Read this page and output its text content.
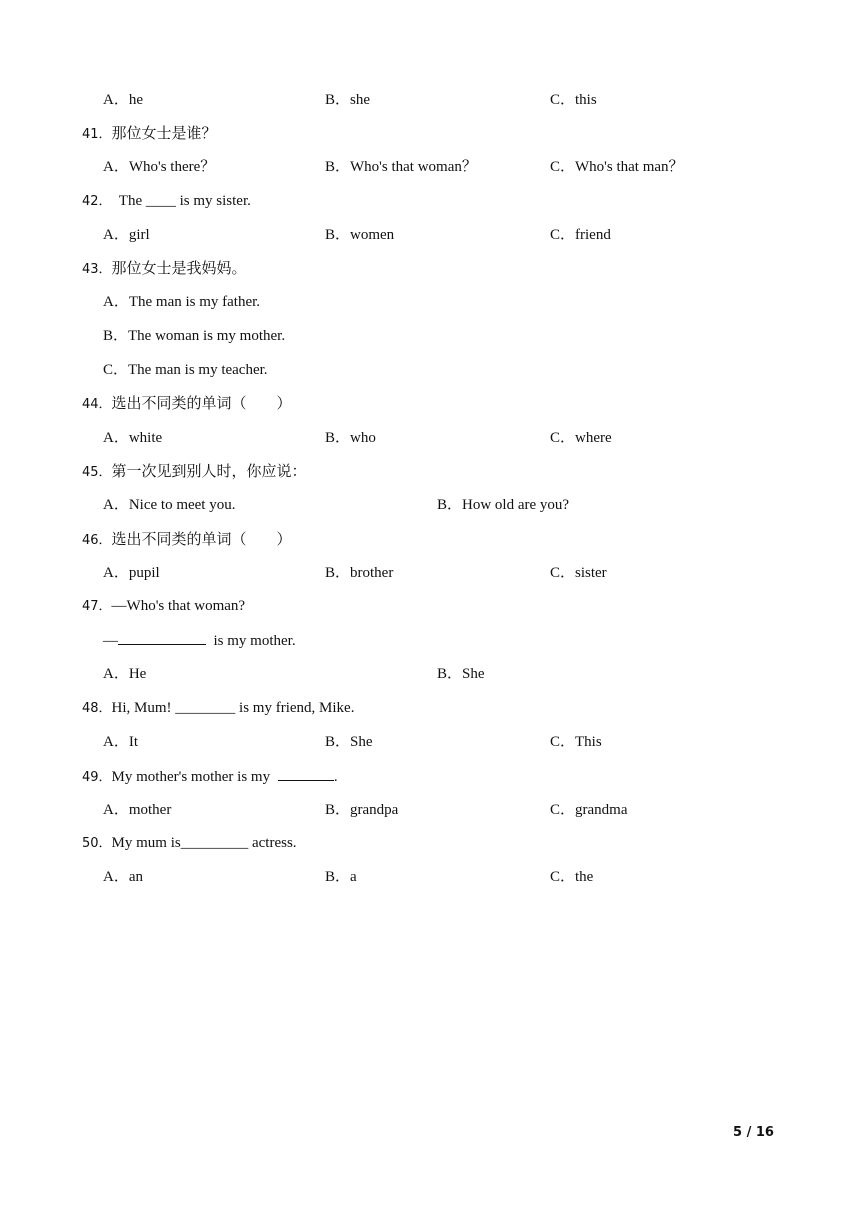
A．he	B．she	C．this
41．那位女士是谁？
A．Who's there？	B．Who's that woman？	C．Who's that man？
42．  The ____ is my sister.
A．girl	B．women	C．friend
43．那位女士是我妈妈。
A．The man is my father.
B．The woman is my mother.
C．The man is my teacher.
44．选出不同类的单词（　　）
A．white	B．who	C．where
45．第一次见到别人时，你应说：
A．Nice to meet you.	B．How old are you?
46．选出不同类的单词（　　）
A．pupil	B．brother	C．sister
47．—Who's that woman?
—	is my mother.
A．He	B．She
48．Hi, Mum! ________ is my friend, Mike.
A．It	B．She	C．This
49．My mother's mother is my	.
A．mother	B．grandpa	C．grandma
50．My mum is_________ actress.
A．an	B．a	C．the
5 / 16
